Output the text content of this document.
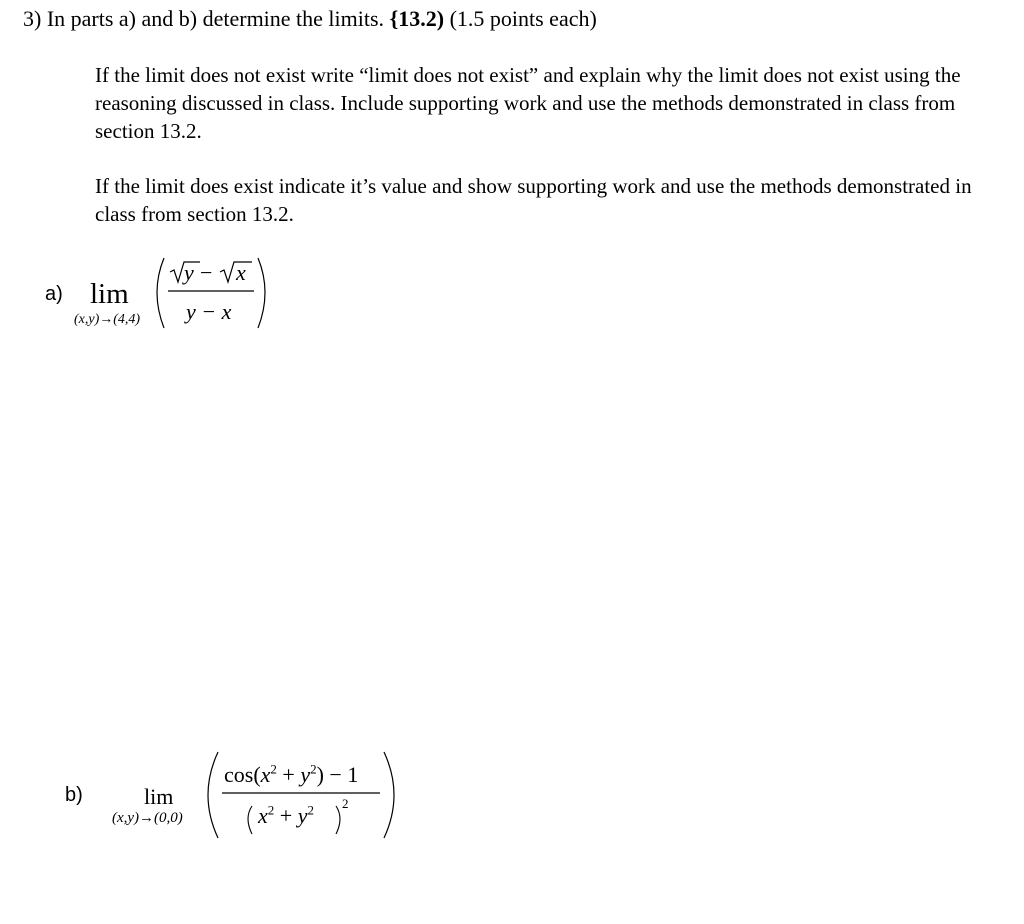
3) In parts a) and b) determine the limits. {13.2) (1.5 points each)
If the limit does not exist write “limit does not exist” and explain why the limit does not exist using the reasoning discussed in class. Include supporting work and use the methods demonstrated in class from section 13.2.
If the limit does exist indicate it’s value and show supporting work and use the methods demonstrated in class from section 13.2.
a) lim
(x,y)→(4,4)
y − x
y − x
b)	lim
(x,y)→(0,0)
$\cos(x^2 + y^2) - 1$
$x^2 + y^2$ 2
